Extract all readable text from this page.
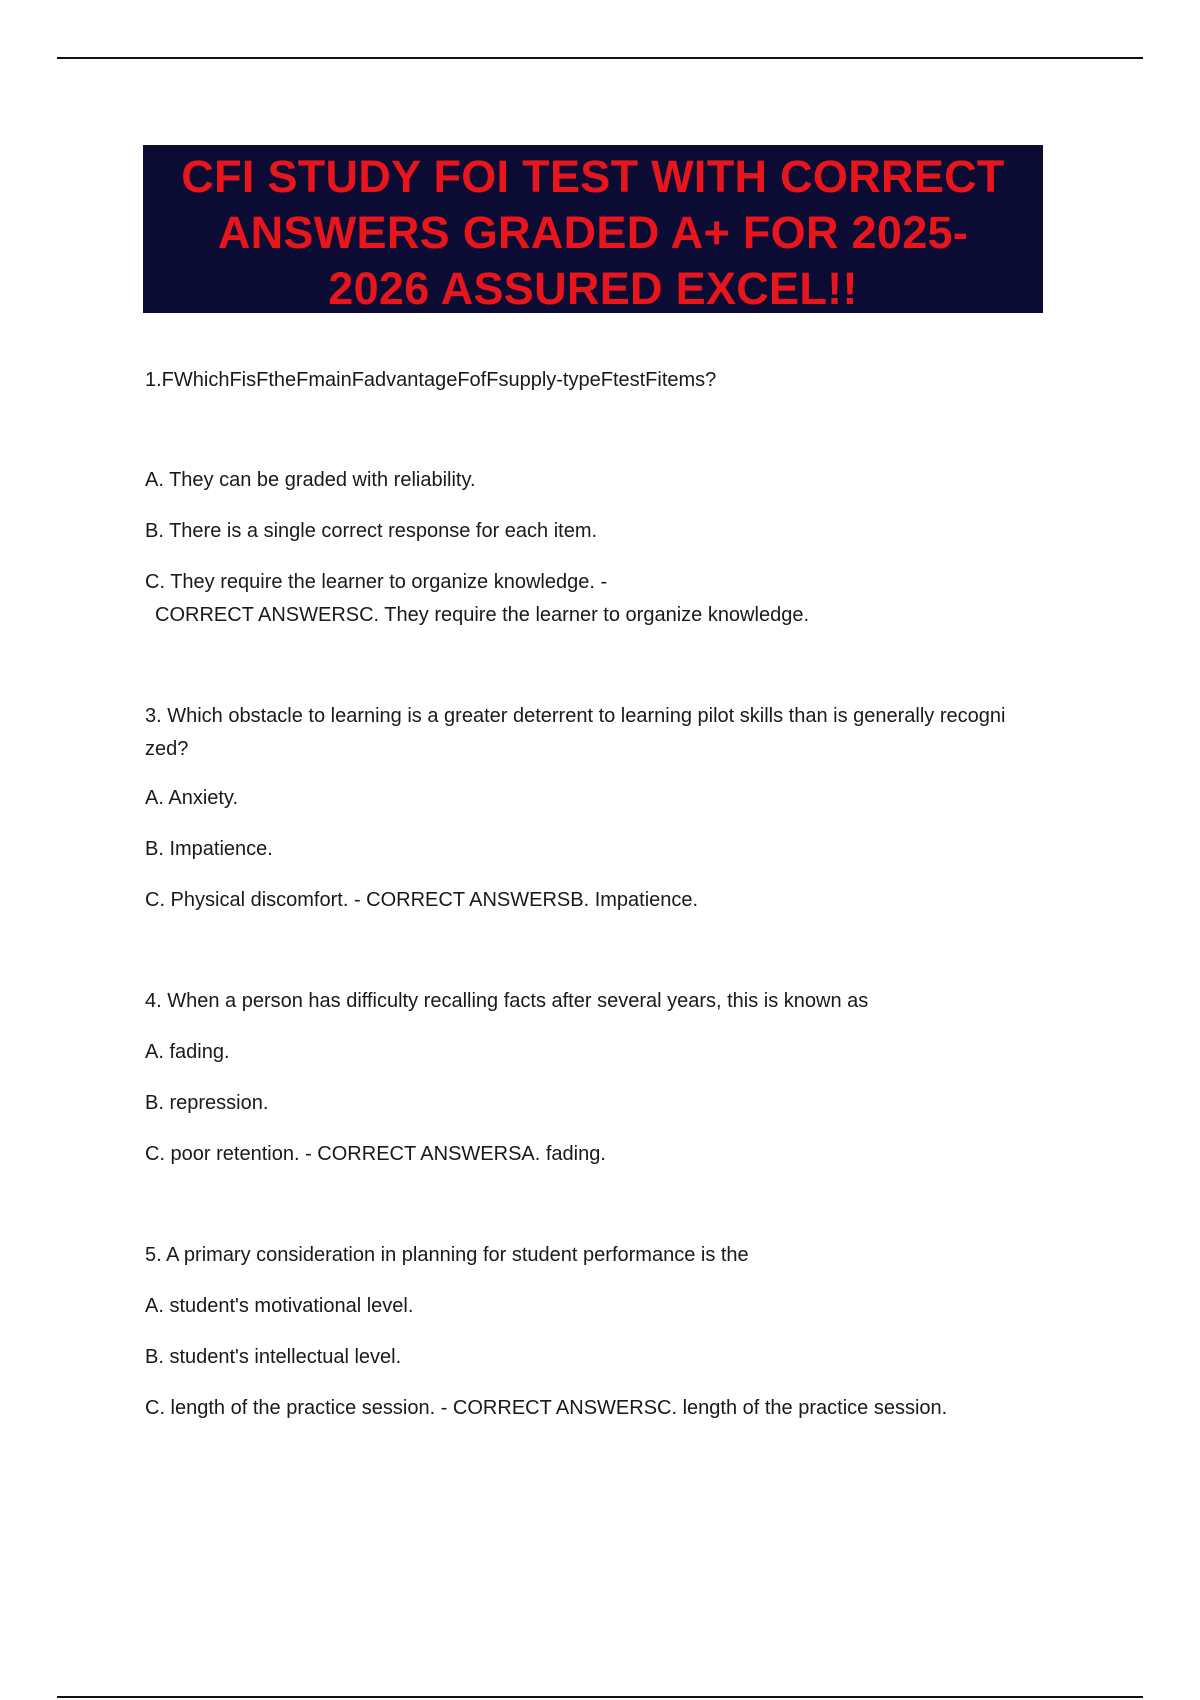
CFI STUDY FOI TEST WITH CORRECT
ANSWERS GRADED A+ FOR 2025-
2026 ASSURED EXCEL!!
1.FWhichFisFtheFmainFadvantageFofFsupply-typeFtestFitems?
A. They can be graded with reliability.
B. There is a single correct response for each item.
C. They require the learner to organize knowledge. -
CORRECT ANSWERSC. They require the learner to organize knowledge.
3. Which obstacle to learning is a greater deterrent to learning pilot skills than is generally recogni
zed?
A. Anxiety.
B. Impatience.
C. Physical discomfort. - CORRECT ANSWERSB. Impatience.
4. When a person has difficulty recalling facts after several years, this is known as
A. fading.
B. repression.
C. poor retention. - CORRECT ANSWERSA. fading.
5. A primary consideration in planning for student performance is the
A. student's motivational level.
B. student's intellectual level.
C. length of the practice session. - CORRECT ANSWERSC. length of the practice session.
